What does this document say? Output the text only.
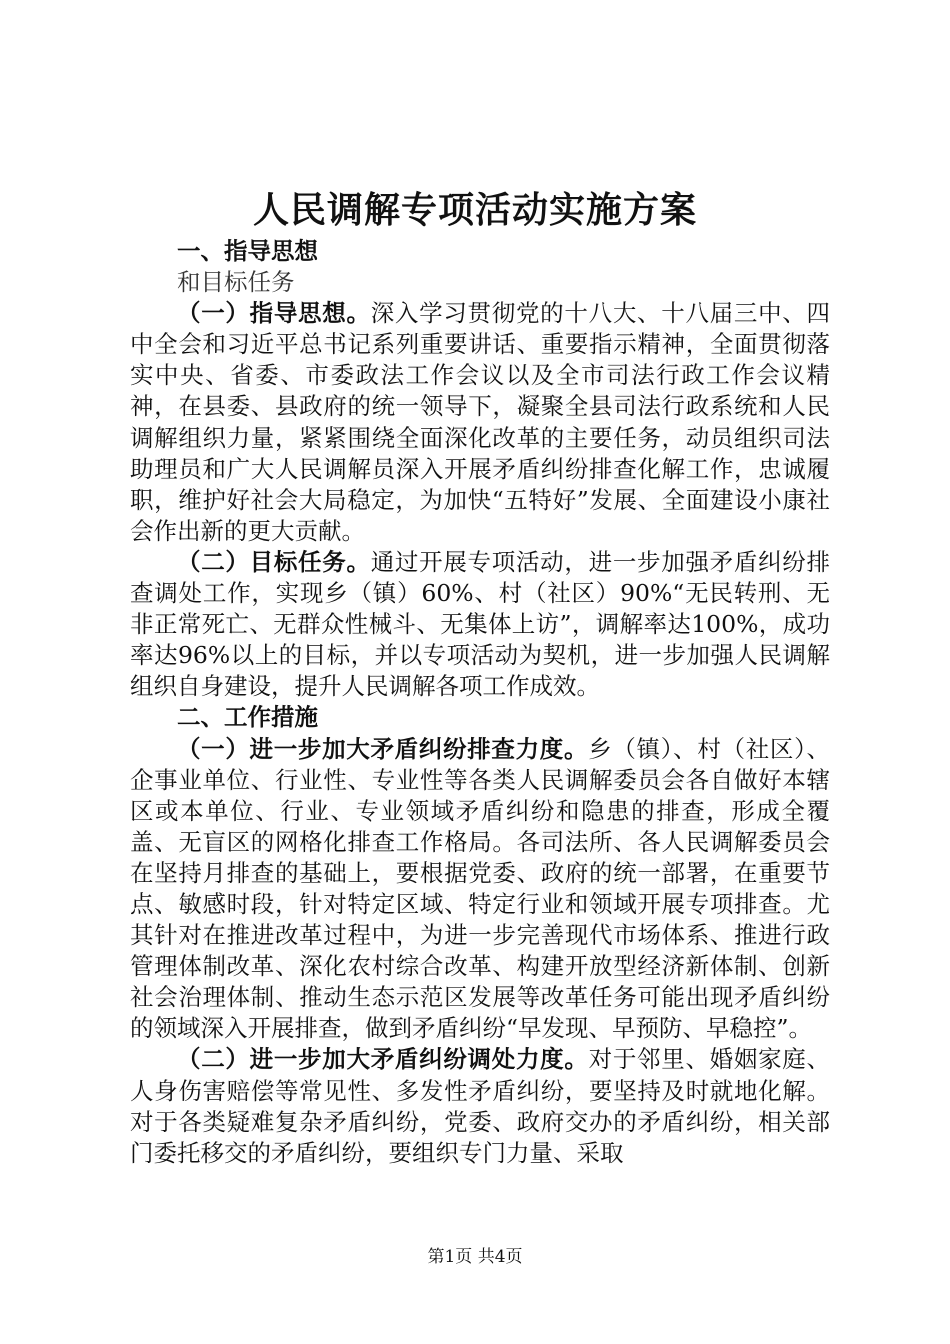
人民调解专项活动实施方案

一、指导思想

和目标任务

（一）指导思想。深入学习贯彻党的十八大、十八届三中、四中全会和习近平总书记系列重要讲话、重要指示精神，全面贯彻落实中央、省委、市委政法工作会议以及全市司法行政工作会议精神，在县委、县政府的统一领导下，凝聚全县司法行政系统和人民调解组织力量，紧紧围绕全面深化改革的主要任务，动员组织司法助理员和广大人民调解员深入开展矛盾纠纷排查化解工作，忠诚履职，维护好社会大局稳定，为加快“五特好”发展、全面建设小康社会作出新的更大贡献。

（二）目标任务。通过开展专项活动，进一步加强矛盾纠纷排查调处工作，实现乡（镇）60%、村（社区）90%“无民转刑、无非正常死亡、无群众性械斗、无集体上访”，调解率达100%，成功率达96%以上的目标，并以专项活动为契机，进一步加强人民调解组织自身建设，提升人民调解各项工作成效。

二、工作措施

（一）进一步加大矛盾纠纷排查力度。乡（镇）、村（社区）、企事业单位、行业性、专业性等各类人民调解委员会各自做好本辖区或本单位、行业、专业领域矛盾纠纷和隐患的排查，形成全覆盖、无盲区的网格化排查工作格局。各司法所、各人民调解委员会在坚持月排查的基础上，要根据党委、政府的统一部署，在重要节点、敏感时段，针对特定区域、特定行业和领域开展专项排查。尤其针对在推进改革过程中，为进一步完善现代市场体系、推进行政管理体制改革、深化农村综合改革、构建开放型经济新体制、创新社会治理体制、推动生态示范区发展等改革任务可能出现矛盾纠纷的领域深入开展排查，做到矛盾纠纷“早发现、早预防、早稳控”。

（二）进一步加大矛盾纠纷调处力度。对于邻里、婚姻家庭、人身伤害赔偿等常见性、多发性矛盾纠纷，要坚持及时就地化解。对于各类疑难复杂矛盾纠纷，党委、政府交办的矛盾纠纷，相关部门委托移交的矛盾纠纷，要组织专门力量、采取

第1页 共4页
